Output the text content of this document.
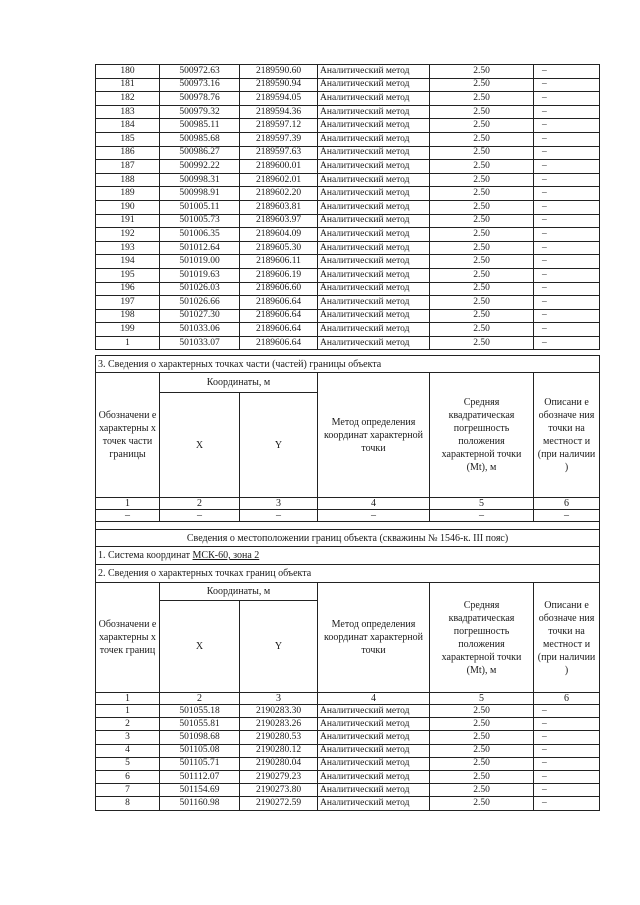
180	500972.63	2189590.60	Аналитический метод	2.50	–
181	500973.16	2189590.94	Аналитический метод	2.50	–
182	500978.76	2189594.05	Аналитический метод	2.50	–
183	500979.32	2189594.36	Аналитический метод	2.50	–
184	500985.11	2189597.12	Аналитический метод	2.50	–
185	500985.68	2189597.39	Аналитический метод	2.50	–
186	500986.27	2189597.63	Аналитический метод	2.50	–
187	500992.22	2189600.01	Аналитический метод	2.50	–
188	500998.31	2189602.01	Аналитический метод	2.50	–
189	500998.91	2189602.20	Аналитический метод	2.50	–
190	501005.11	2189603.81	Аналитический метод	2.50	–
191	501005.73	2189603.97	Аналитический метод	2.50	–
192	501006.35	2189604.09	Аналитический метод	2.50	–
193	501012.64	2189605.30	Аналитический метод	2.50	–
194	501019.00	2189606.11	Аналитический метод	2.50	–
195	501019.63	2189606.19	Аналитический метод	2.50	–
196	501026.03	2189606.60	Аналитический метод	2.50	–
197	501026.66	2189606.64	Аналитический метод	2.50	–
198	501027.30	2189606.64	Аналитический метод	2.50	–
199	501033.06	2189606.64	Аналитический метод	2.50	–
1	501033.07	2189606.64	Аналитический метод	2.50	–
3. Сведения о характерных точках части (частей) границы объекта					
Обозначени е характерны х точек части границы	Координаты, м		Метод определения координат характерной точки	Средняя квадратическая погрешность положения характерной точки (Mt), м	Описани е обозначе ния точки на местност и (при наличии )
	X	Y			
1	2	3	4	5	6
–	–	–	–	–	–

Сведения о местоположении границ объекта (скважины № 1546-к. III пояс)					
1. Система координат МСК-60, зона 2					
2. Сведения о характерных точках границ объекта					
Обозначени е характерны х точек границ	Координаты, м		Метод определения координат характерной точки	Средняя квадратическая погрешность положения характерной точки (Mt), м	Описани е обозначе ния точки на местност и (при наличии )
	X	Y			
1	2	3	4	5	6
1	501055.18	2190283.30	Аналитический метод	2.50	–
2	501055.81	2190283.26	Аналитический метод	2.50	–
3	501098.68	2190280.53	Аналитический метод	2.50	–
4	501105.08	2190280.12	Аналитический метод	2.50	–
5	501105.71	2190280.04	Аналитический метод	2.50	–
6	501112.07	2190279.23	Аналитический метод	2.50	–
7	501154.69	2190273.80	Аналитический метод	2.50	–
8	501160.98	2190272.59	Аналитический метод	2.50	–
